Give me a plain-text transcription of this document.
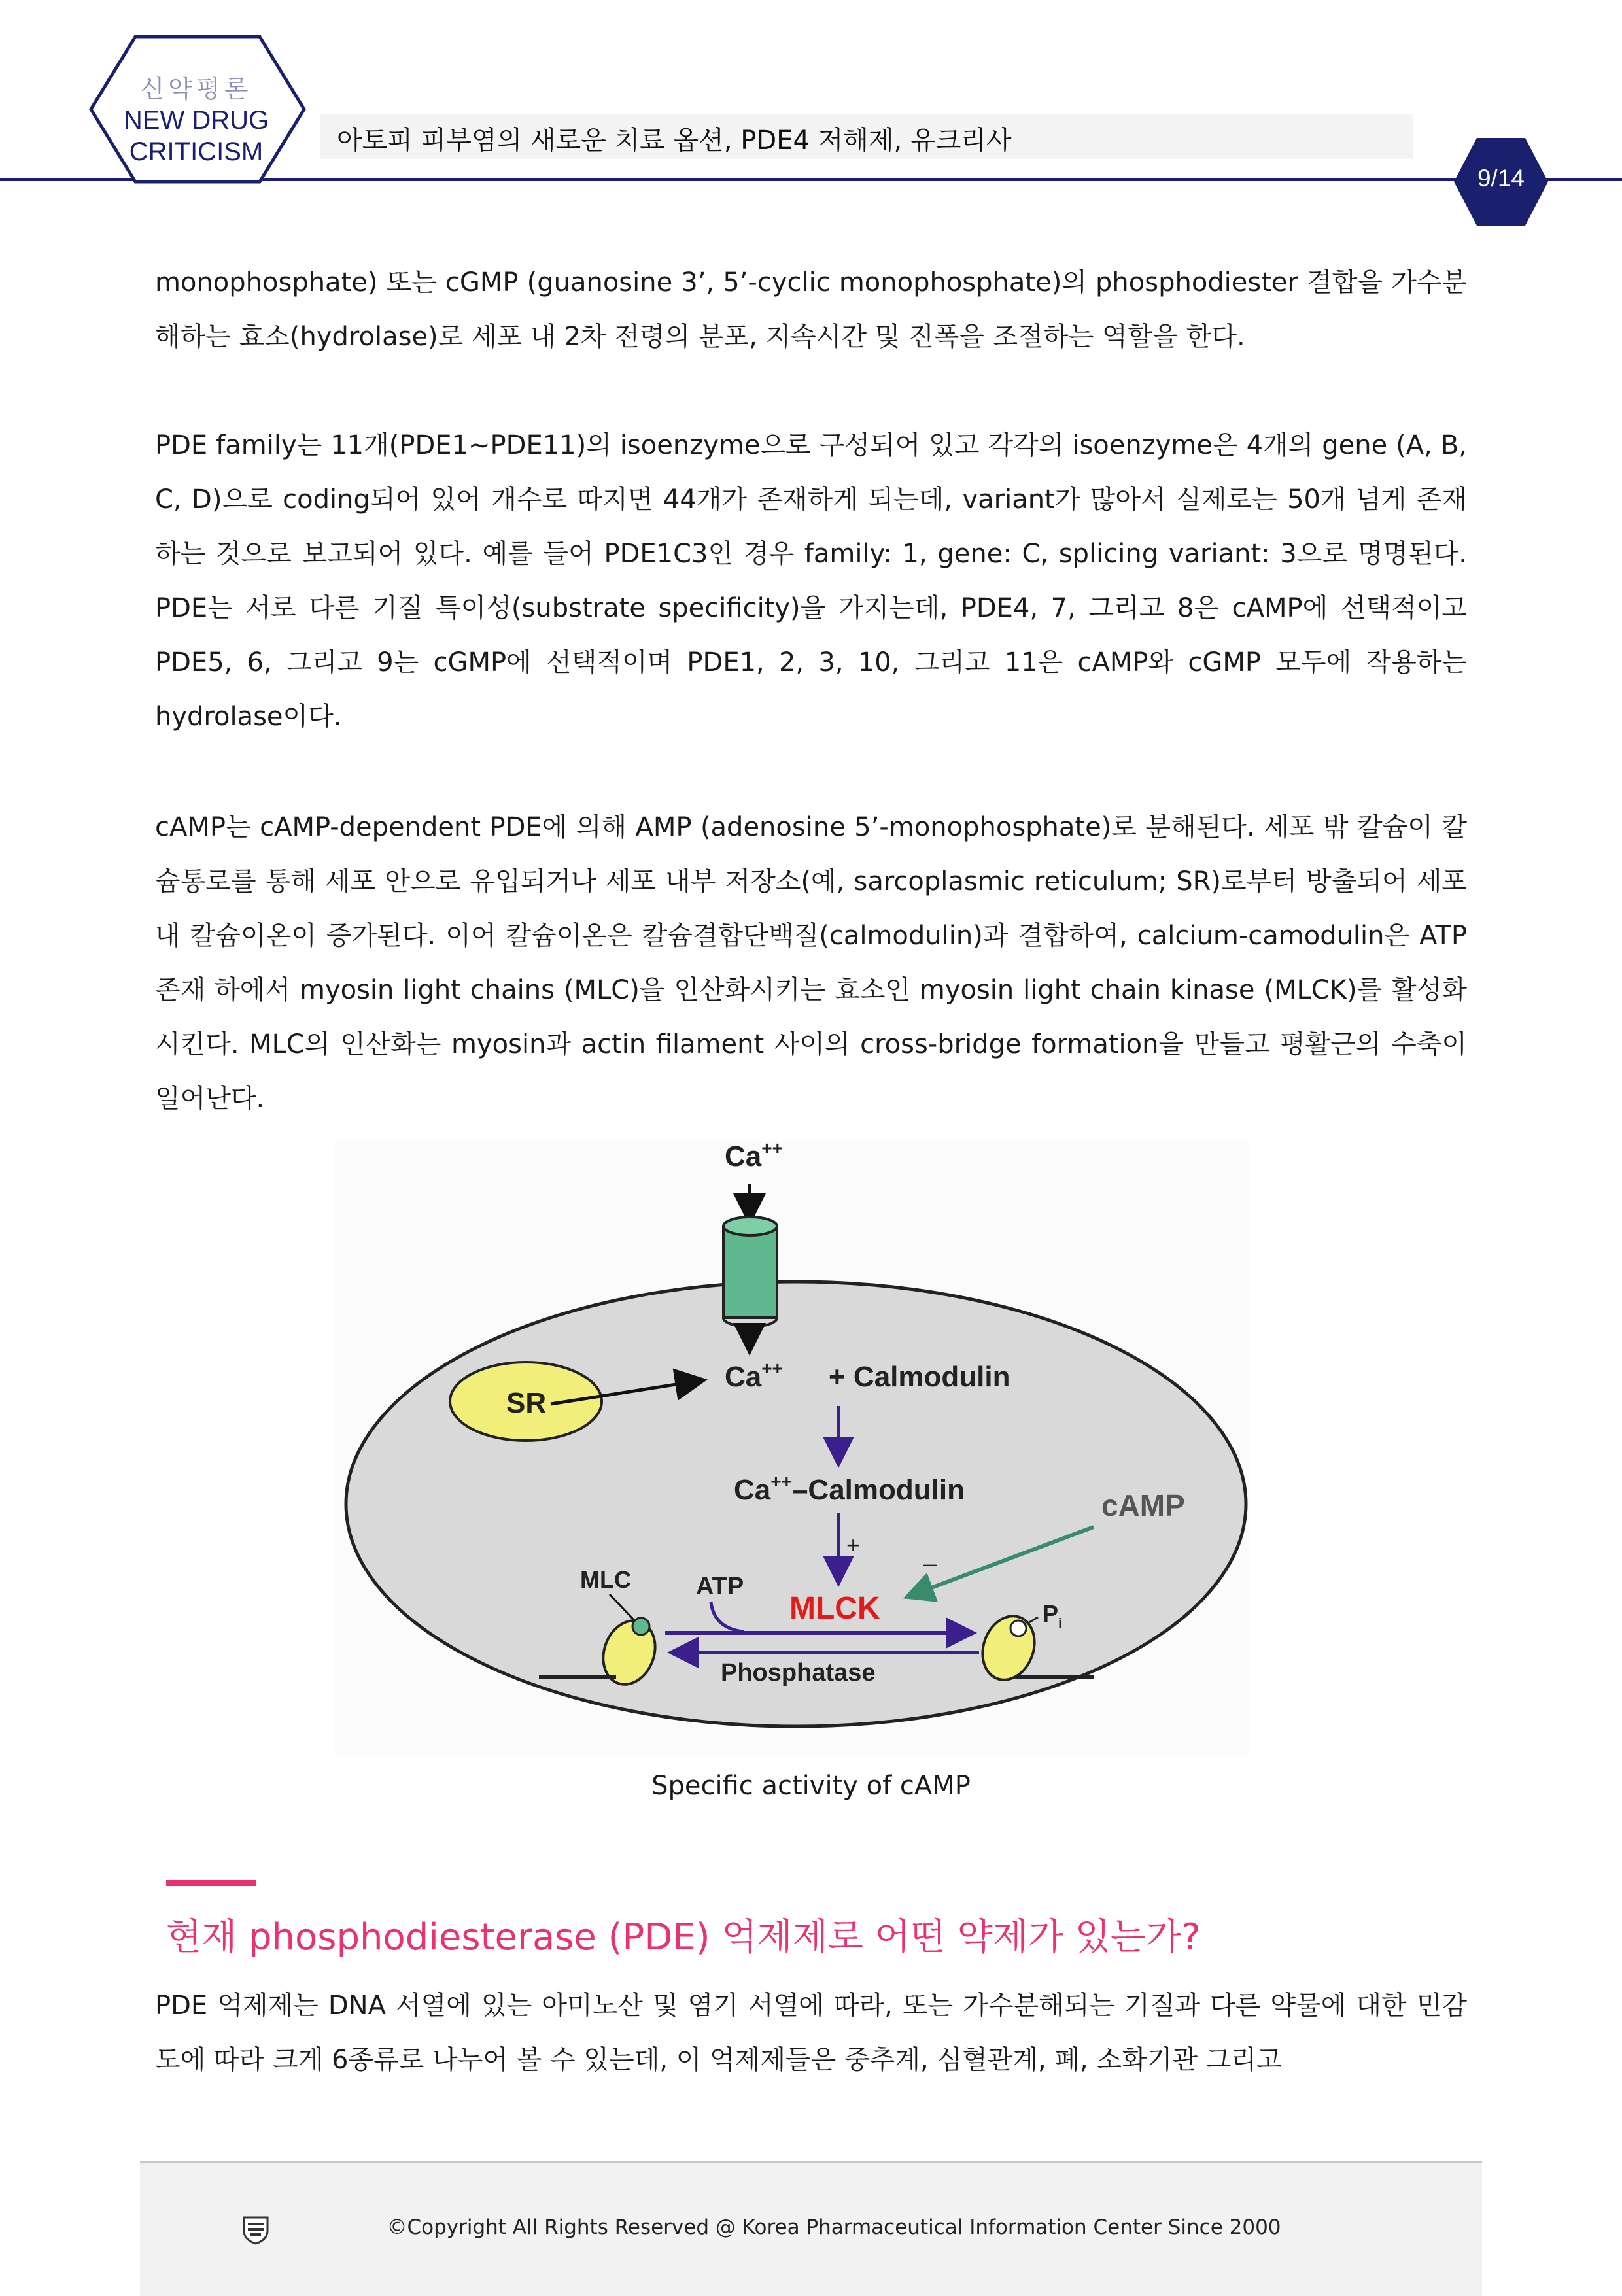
신약평론
NEW DRUG
CRITICISM	아토피 피부염의 새로운 치료 옵션, PDE4 저해제, 유크리사
9/14

monophosphate) 또는 cGMP (guanosine 3’, 5’-cyclic monophosphate)의 phosphodiester 결합을 가수분해하는 효소(hydrolase)로 세포 내 2차 전령의 분포, 지속시간 및 진폭을 조절하는 역할을 한다.

PDE family는 11개(PDE1∼PDE11)의 isoenzyme으로 구성되어 있고 각각의 isoenzyme은 4개의 gene (A, B, C, D)으로 coding되어 있어 개수로 따지면 44개가 존재하게 되는데, variant가 많아서 실제로는 50개 넘게 존재하는 것으로 보고되어 있다. 예를 들어 PDE1C3인 경우 family: 1, gene: C, splicing variant: 3으로 명명된다. PDE는 서로 다른 기질 특이성(substrate specificity)을 가지는데, PDE4, 7, 그리고 8은 cAMP에 선택적이고 PDE5, 6, 그리고 9는 cGMP에 선택적이며 PDE1, 2, 3, 10, 그리고 11은 cAMP와 cGMP 모두에 작용하는 hydrolase이다.

cAMP는 cAMP-dependent PDE에 의해 AMP (adenosine 5’-monophosphate)로 분해된다. 세포 밖 칼슘이 칼슘통로를 통해 세포 안으로 유입되거나 세포 내부 저장소(예, sarcoplasmic reticulum; SR)로부터 방출되어 세포 내 칼슘이온이 증가된다. 이어 칼슘이온은 칼슘결합단백질(calmodulin)과 결합하여, calcium-camodulin은 ATP 존재 하에서 myosin light chains (MLC)을 인산화시키는 효소인 myosin light chain kinase (MLCK)를 활성화시킨다. MLC의 인산화는 myosin과 actin filament 사이의 cross-bridge formation을 만들고 평활근의 수축이 일어난다.

Ca++
SR
Ca++ + Calmodulin
Ca++–Calmodulin
+
cAMP
–
MLC	ATP
MLCK
Phosphatase
$P_i$
Specific activity of cAMP
현재 phosphodiesterase (PDE) 억제제로 어떤 약제가 있는가?

PDE 억제제는 DNA 서열에 있는 아미노산 및 염기 서열에 따라, 또는 가수분해되는 기질과 다른 약물에 대한 민감도에 따라 크게 6종류로 나누어 볼 수 있는데, 이 억제제들은 중추계, 심혈관계, 폐, 소화기관 그리고

©Copyright All Rights Reserved @ Korea Pharmaceutical Information Center Since 2000
